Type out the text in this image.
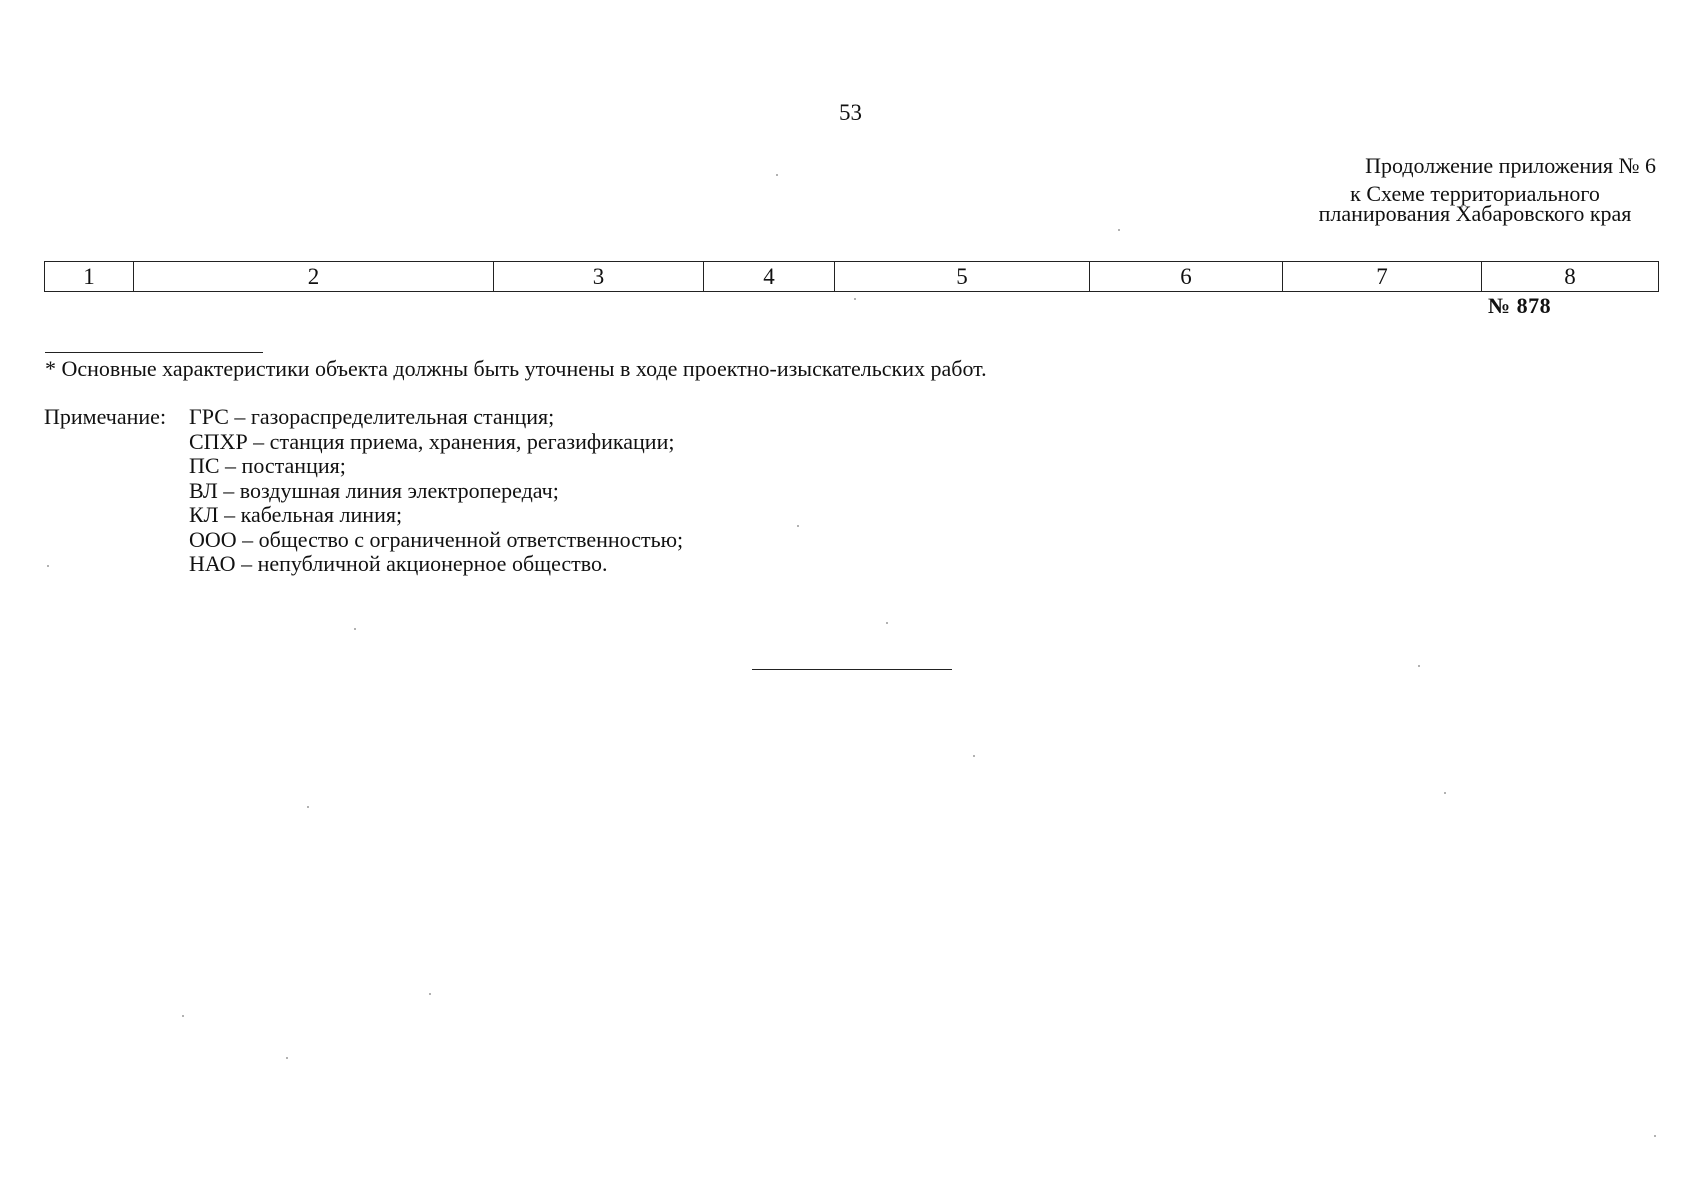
53
Продолжение приложения № 6
к Схеме территориального планирования Хабаровского края
1	2	3	4	5	6	7	8
№ 878
* Основные характеристики объекта должны быть уточнены в ходе проектно-изыскательских работ.
Примечание: ГРС – газораспределительная станция;
СПХР – станция приема, хранения, регазификации;
ПС – постанция;
ВЛ – воздушная линия электропередач;
КЛ – кабельная линия;
ООО – общество с ограниченной ответственностью;
НАО – непубличной акционерное общество.
